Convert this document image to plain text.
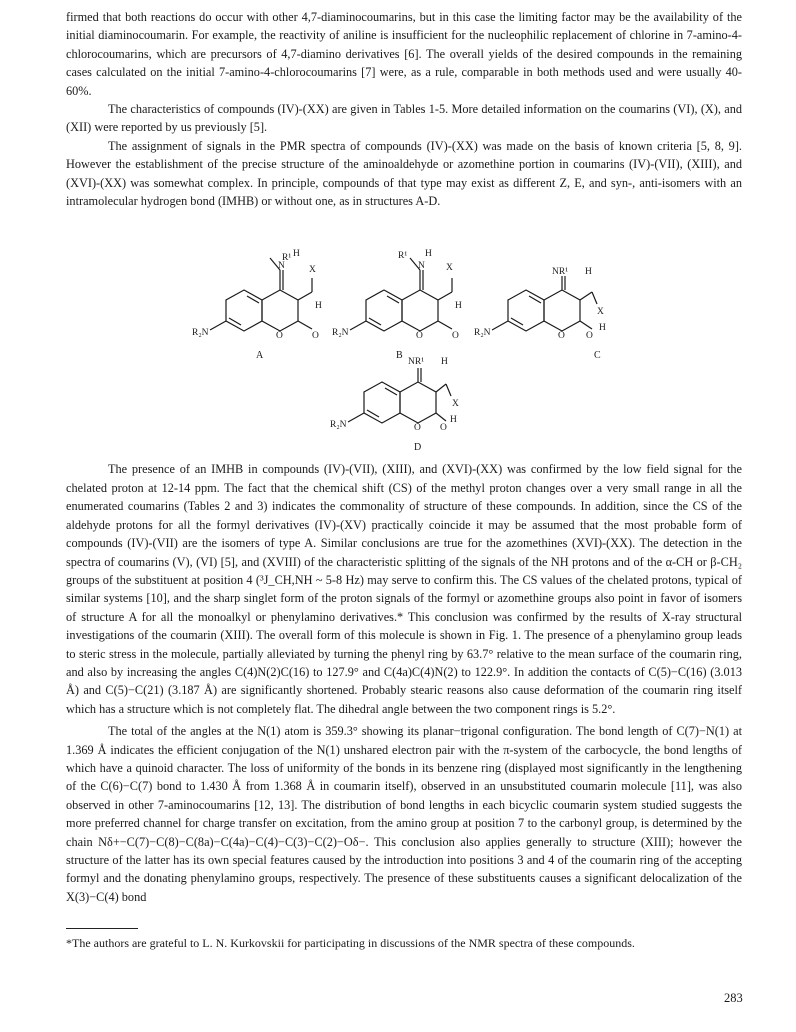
firmed that both reactions do occur with other 4,7-diaminocoumarins, but in this case the limiting factor may be the availability of the initial diaminocoumarin. For example, the reactivity of aniline is insufficient for the nucleophilic replacement of chlorine in 7-amino-4-chlorocoumarins, which are precursors of 4,7-diamino derivatives [6]. The overall yields of the desired compounds in the remaining cases calculated on the initial 7-amino-4-chlorocoumarins [7] were, as a rule, comparable in both methods used and were usually 40-60%.

The characteristics of compounds (IV)-(XX) are given in Tables 1-5. More detailed information on the coumarins (VI), (X), and (XII) were reported by us previously [5].

The assignment of signals in the PMR spectra of compounds (IV)-(XX) was made on the basis of known criteria [5, 8, 9]. However the establishment of the precise structure of the aminoaldehyde or azomethine portion in coumarins (IV)-(VII), (XIII), and (XVI)-(XX) was somewhat complex. In principle, compounds of that type may exist as different Z, E, and syn-, anti-isomers with an intramolecular hydrogen bond (IMHB) or without one, as in structures A-D.

R¹
N
H
X
H
R₂N	O	O
A
R¹
N
H
X
H
R₂N	O	O
B
NR¹ H
X
H
R₂N	O O
C
NR¹ H
X
H
R₂N	O O
D

The presence of an IMHB in compounds (IV)-(VII), (XIII), and (XVI)-(XX) was confirmed by the low field signal for the chelated proton at 12-14 ppm. The fact that the chemical shift (CS) of the methyl proton changes over a very small range in all the enumerated coumarins (Tables 2 and 3) indicates the commonality of structure of these compounds. In addition, since the CS of the aldehyde protons for all the formyl derivatives (IV)-(XV) practically coincide it may be assumed that the most probable form of compounds (IV)-(VII) are the isomers of type A. Similar conclusions are true for the azomethines (XVI)-(XX). The detection in the spectra of coumarins (V), (VI) [5], and (XVIII) of the characteristic splitting of the signals of the NH protons and of the α-CH or β-CH₂ groups of the substituent at position 4 (³J_CH,NH ~ 5-8 Hz) may serve to confirm this. The CS values of the chelated protons, typical of similar systems [10], and the sharp singlet form of the proton signals of the formyl or azomethine groups also point in favor of isomers of structure A for all the monoalkyl or phenylamino derivatives.* This conclusion was confirmed by the results of X-ray structural investigations of the coumarin (XIII). The overall form of this molecule is shown in Fig. 1. The presence of a phenylamino group leads to steric stress in the molecule, partially alleviated by turning the phenyl ring by 63.7° relative to the mean surface of the coumarin ring, and also by increasing the angles C(4)N(2)C(16) to 127.9° and C(4a)C(4)N(2) to 122.9°. In addition the contacts of C(5)−C(16) (3.013 Å) and C(5)−C(21) (3.187 Å) are significantly shortened. Probably stearic reasons also cause deformation of the coumarin ring itself which has a structure which is not completely flat. The dihedral angle between the two component rings is 5.2°.

The total of the angles at the N(1) atom is 359.3° showing its planar−trigonal configuration. The bond length of C(7)−N(1) at 1.369 Å indicates the efficient conjugation of the N(1) unshared electron pair with the π-system of the carbocycle, the bond lengths of which have a quinoid character. The loss of uniformity of the bonds in its benzene ring (displayed most significantly in the lengthening of the C(6)−C(7) bond to 1.430 Å from 1.368 Å in coumarin itself), observed in an unsubstituted coumarin molecule [11], was also observed in other 7-aminocoumarins [12, 13]. The distribution of bond lengths in each bicyclic coumarin system studied suggests the more preferred channel for charge transfer on excitation, from the amino group at position 7 to the carbonyl group, is determined by the chain Nδ+−C(7)−C(8)−C(8a)−C(4a)−C(4)−C(3)−C(2)−Oδ−. This conclusion also applies generally to structure (XIII); however the structure of the latter has its own special features caused by the introduction into positions 3 and 4 of the coumarin ring of the accepting formyl and the donating phenylamino groups, respectively. The presence of these substituents causes a significant delocalization of the X(3)−C(4) bond

*The authors are grateful to L. N. Kurkovskii for participating in discussions of the NMR spectra of these compounds.

283
